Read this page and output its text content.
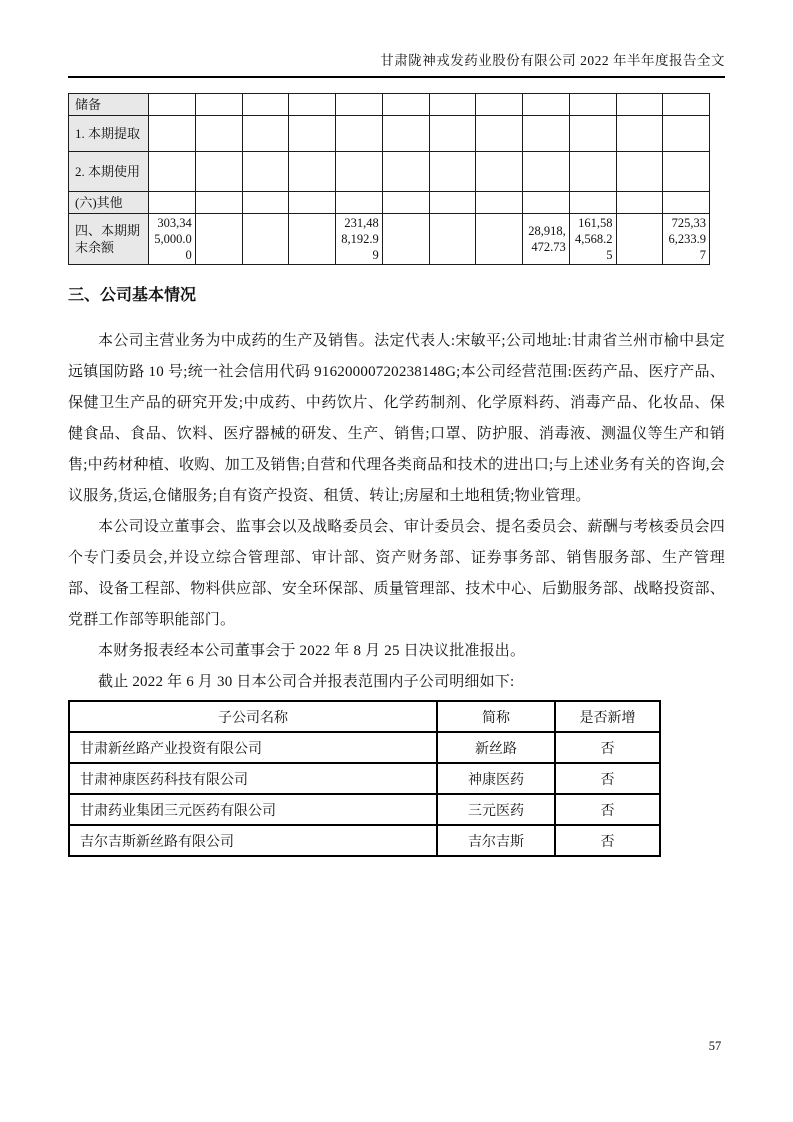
甘肃陇神戎发药业股份有限公司 2022 年半年度报告全文
储备												
1. 本期提取												
2. 本期使用												
(六)其他												
四、本期期末余额	303,345,000.00				231,488,192.99				28,918,472.73	161,584,568.25		725,336,233.97
三、公司基本情况

本公司主营业务为中成药的生产及销售。法定代表人:宋敏平;公司地址:甘肃省兰州市榆中县定远镇国防路 10 号;统一社会信用代码 91620000720238148G;本公司经营范围:医药产品、医疗产品、保健卫生产品的研究开发;中成药、中药饮片、化学药制剂、化学原料药、消毒产品、化妆品、保健食品、食品、饮料、医疗器械的研发、生产、销售;口罩、防护服、消毒液、测温仪等生产和销售;中药材种植、收购、加工及销售;自营和代理各类商品和技术的进出口;与上述业务有关的咨询,会议服务,货运,仓储服务;自有资产投资、租赁、转让;房屋和土地租赁;物业管理。

本公司设立董事会、监事会以及战略委员会、审计委员会、提名委员会、薪酬与考核委员会四个专门委员会,并设立综合管理部、审计部、资产财务部、证券事务部、销售服务部、生产管理部、设备工程部、物料供应部、安全环保部、质量管理部、技术中心、后勤服务部、战略投资部、党群工作部等职能部门。

本财务报表经本公司董事会于 2022 年 8 月 25 日决议批准报出。

截止 2022 年 6 月 30 日本公司合并报表范围内子公司明细如下:

子公司名称	简称	是否新增
甘肃新丝路产业投资有限公司	新丝路	否
甘肃神康医药科技有限公司	神康医药	否
甘肃药业集团三元医药有限公司	三元医药	否
吉尔吉斯新丝路有限公司	吉尔吉斯	否
57
